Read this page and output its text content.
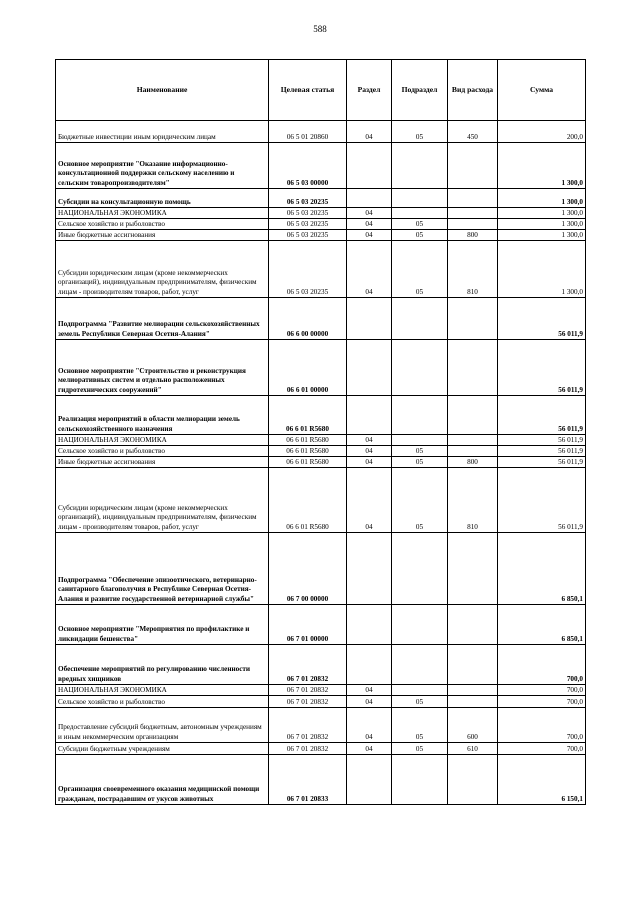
588
Наименование	Целевая статья	Раздел	Подраздел	Вид расхода	Сумма
Бюджетные инвестиции иным юридическим лицам	06 5 01 20860	04	05	450	200,0
Основное мероприятие "Оказание информационно-консультационной поддержки сельскому населению и сельским товаропроизводителям"	06 5 03 00000				1 300,0
Субсидии на консультационную помощь	06 5 03 20235				1 300,0
НАЦИОНАЛЬНАЯ ЭКОНОМИКА	06 5 03 20235	04			1 300,0
Сельское хозяйство и рыболовство	06 5 03 20235	04	05		1 300,0
Иные бюджетные ассигнования	06 5 03 20235	04	05	800	1 300,0
Субсидии юридическим лицам (кроме некоммерческих организаций), индивидуальным предпринимателям, физическим лицам - производителям товаров, работ, услуг	06 5 03 20235	04	05	810	1 300,0
Подпрограмма "Развитие мелиорации сельскохозяйственных земель Республики Северная Осетия-Алания"	06 6 00 00000				56 011,9
Основное мероприятие "Строительство и реконструкция мелиоративных систем и отдельно расположенных гидротехнических сооружений"	06 6 01 00000				56 011,9
Реализация мероприятий в области мелиорации земель сельскохозяйственного назначения	06 6 01 R5680				56 011,9
НАЦИОНАЛЬНАЯ ЭКОНОМИКА	06 6 01 R5680	04			56 011,9
Сельское хозяйство и рыболовство	06 6 01 R5680	04	05		56 011,9
Иные бюджетные ассигнования	06 6 01 R5680	04	05	800	56 011,9
Субсидии юридическим лицам (кроме некоммерческих организаций), индивидуальным предпринимателям, физическим лицам - производителям товаров, работ, услуг	06 6 01 R5680	04	05	810	56 011,9
Подпрограмма "Обеспечение эпизоотического, ветеринарно-санитарного благополучия в Республике Северная Осетия-Алания и развитие государственной ветеринарной службы"	06 7 00 00000				6 850,1
Основное мероприятие "Мероприятия по профилактике и ликвидации бешенства"	06 7 01 00000				6 850,1
Обеспечение мероприятий по регулированию численности вредных хищников	06 7 01 20832				700,0
НАЦИОНАЛЬНАЯ ЭКОНОМИКА	06 7 01 20832	04			700,0
Сельское хозяйство и рыболовство	06 7 01 20832	04	05		700,0
Предоставление субсидий бюджетным, автономным учреждениям и иным некоммерческим организациям	06 7 01 20832	04	05	600	700,0
Субсидии бюджетным учреждениям	06 7 01 20832	04	05	610	700,0
Организация своевременного оказания медицинской помощи гражданам, пострадавшим от укусов животных	06 7 01 20833				6 150,1
